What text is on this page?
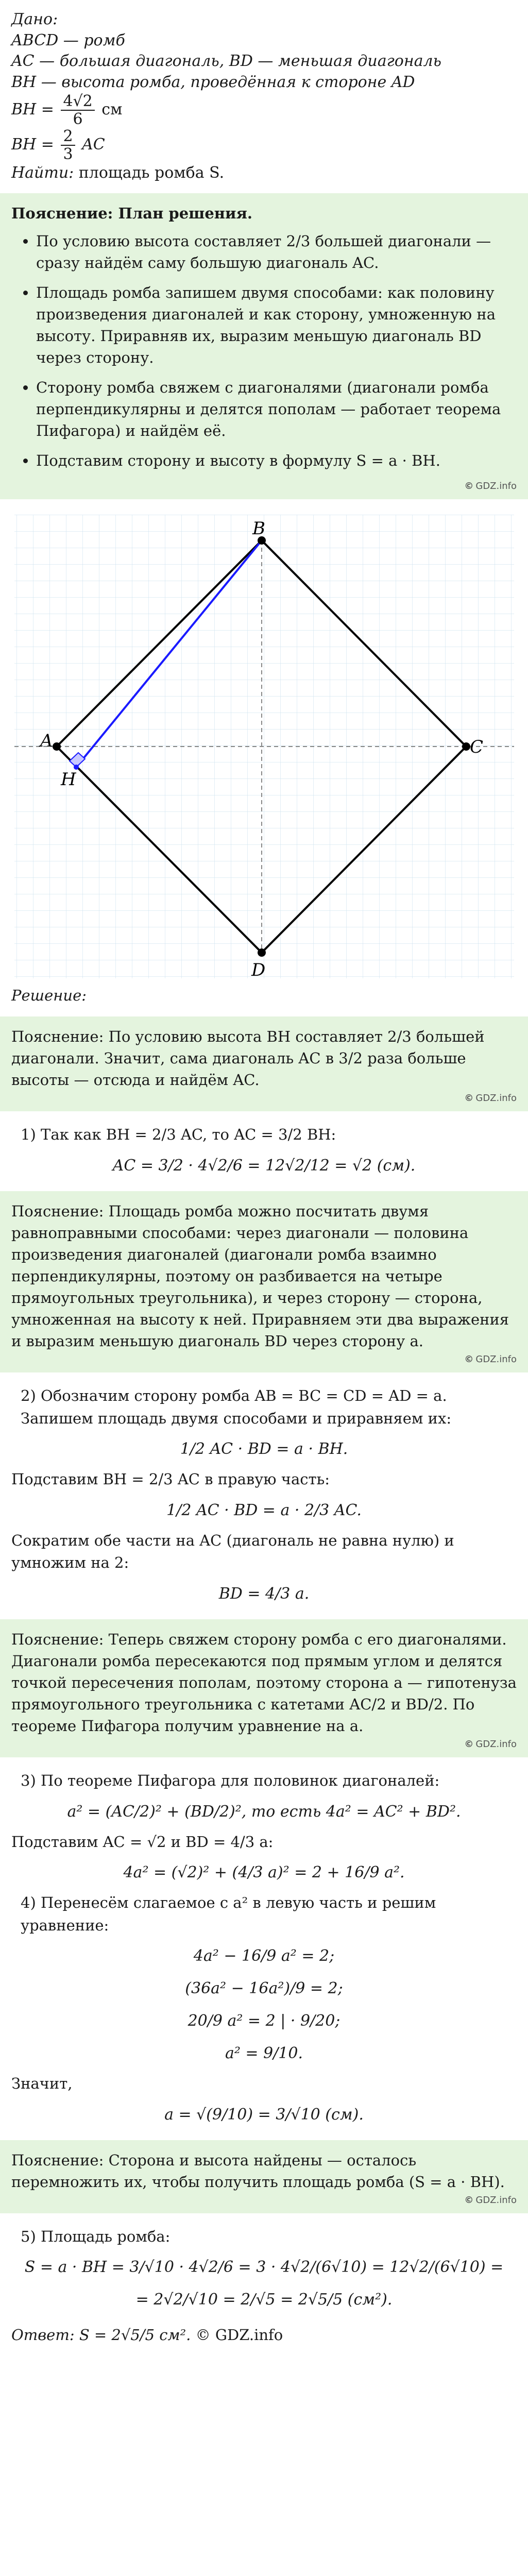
Дано:
ABCD — ромб
AC — большая диагональ, BD — меньшая диагональ
BH — высота ромба, проведённая к стороне AD
BH = $\frac{4√2}{6}$ см
BH = $\frac{2}{3}$ AC
Найти: площадь ромба S.
Пояснение: План решения.
• По условию высота составляет 2/3 большей диагонали — сразу найдём саму большую диагональ AC.
• Площадь ромба запишем двумя способами: как половину произведения диагоналей и как сторону, умноженную на высоту. Приравняв их, выразим меньшую диагональ BD через сторону.
• Сторону ромба свяжем с диагоналями (диагонали ромба перпендикулярны и делятся пополам — работает теорема Пифагора) и найдём её.
• Подставим сторону и высоту в формулу S = a · BH.
© GDZ.info
A
B
C
D
H
Решение:
Пояснение: По условию высота BH составляет 2/3 большей диагонали. Значит, сама диагональ AC в 3/2 раза больше высоты — отсюда и найдём AC.
© GDZ.info
1) Так как BH = 2/3 AC, то AC = 3/2 BH:
AC = 3/2 · 4√2/6 = 12√2/12 = √2 (см).
Пояснение: Площадь ромба можно посчитать двумя равноправными способами: через диагонали — половина произведения диагоналей (диагонали ромба взаимно перпендикулярны, поэтому он разбивается на четыре прямоугольных треугольника), и через сторону — сторона, умноженная на высоту к ней. Приравняем эти два выражения и выразим меньшую диагональ BD через сторону a.
© GDZ.info
2) Обозначим сторону ромба AB = BC = CD = AD = a. Запишем площадь двумя способами и приравняем их:
1/2 AC · BD = a · BH.
Подставим BH = 2/3 AC в правую часть:
1/2 AC · BD = a · 2/3 AC.
Сократим обе части на AC (диагональ не равна нулю) и умножим на 2:
BD = 4/3 a.
Пояснение: Теперь свяжем сторону ромба с его диагоналями. Диагонали ромба пересекаются под прямым углом и делятся точкой пересечения пополам, поэтому сторона a — гипотенуза прямоугольного треугольника с катетами AC/2 и BD/2. По теореме Пифагора получим уравнение на a.
© GDZ.info
3) По теореме Пифагора для половинок диагоналей:
a² = (AC/2)² + (BD/2)², то есть 4a² = AC² + BD².
Подставим AC = √2 и BD = 4/3 a:
4a² = (√2)² + (4/3 a)² = 2 + 16/9 a².
4) Перенесём слагаемое с a² в левую часть и решим уравнение:
4a² − 16/9 a² = 2;
(36a² − 16a²)/9 = 2;
20/9 a² = 2 | · 9/20;
a² = 9/10.
Значит,
a = √(9/10) = 3/√10 (см).
Пояснение: Сторона и высота найдены — осталось перемножить их, чтобы получить площадь ромба (S = a · BH).
© GDZ.info
5) Площадь ромба:
S = a · BH = 3/√10 · 4√2/6 = 3 · 4√2/(6√10) = 12√2/(6√10) =
= 2√2/√10 = 2/√5 = 2√5/5 (см²).
Ответ: S = 2√5/5 см². © GDZ.info
